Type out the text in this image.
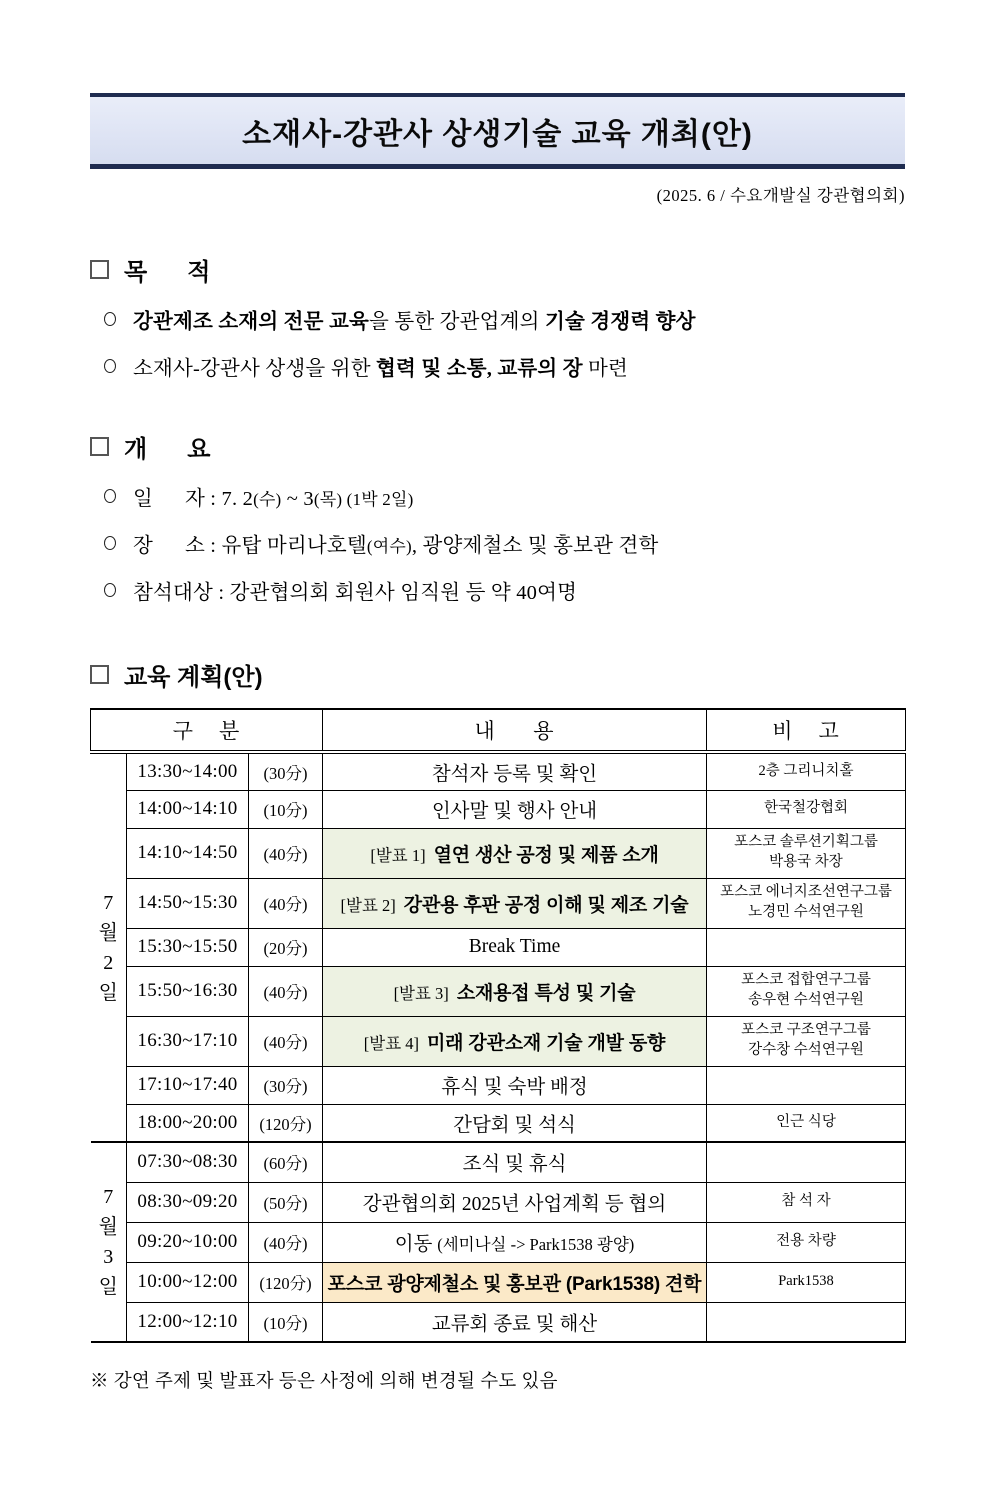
소재사-강관사 상생기술 교육 개최(안)
(2025. 6 / 수요개발실 강관협의회)
목      적
강관제조 소재의 전문 교육을 통한 강관업계의 기술 경쟁력 향상
소재사-강관사 상생을 위한 협력 및 소통, 교류의 장 마련
개      요
일      자 : 7. 2(수) ~ 3(목) (1박 2일)
장      소 : 유탑 마리나호텔(여수), 광양제철소 및 홍보관 견학
참석대상 : 강관협의회 회원사 임직원 등 약 40여명
교육 계획(안)
구    분			내      용	비    고

7
월
2
일	13:30~14:00	(30分)	참석자 등록 및 확인	2층 그리니치홀

	14:00~14:10	(10分)	인사말 및 행사 안내	한국철강협회

	14:10~14:50	(40分)	[발표 1] 열연 생산 공정 및 제품 소개	포스코 솔루션기획그룹
박용국 차장

	14:50~15:30	(40分)	[발표 2] 강관용 후판 공정 이해 및 제조 기술	포스코 에너지조선연구그룹
노경민 수석연구원

	15:30~15:50	(20分)	Break Time	
	15:50~16:30	(40分)	[발표 3] 소재용접 특성 및 기술	포스코 접합연구그룹
송우현 수석연구원

	16:30~17:10	(40分)	[발표 4] 미래 강관소재 기술 개발 동향	포스코 구조연구그룹
강수창 수석연구원

	17:10~17:40	(30分)	휴식 및 숙박 배정	
	18:00~20:00	(120分)	간담회 및 석식	인근 식당

7
월
3
일	07:30~08:30	(60分)	조식 및 휴식	
	08:30~09:20	(50分)	강관협의회 2025년 사업계획 등 협의	참 석 자

	09:20~10:00	(40分)	이동 (세미나실 -> Park1538 광양)	전용 차량

	10:00~12:00	(120分)	포스코 광양제철소 및 홍보관 (Park1538) 견학	Park1538

	12:00~12:10	(10分)	교류회 종료 및 해산	
※ 강연 주제 및 발표자 등은 사정에 의해 변경될 수도 있음
